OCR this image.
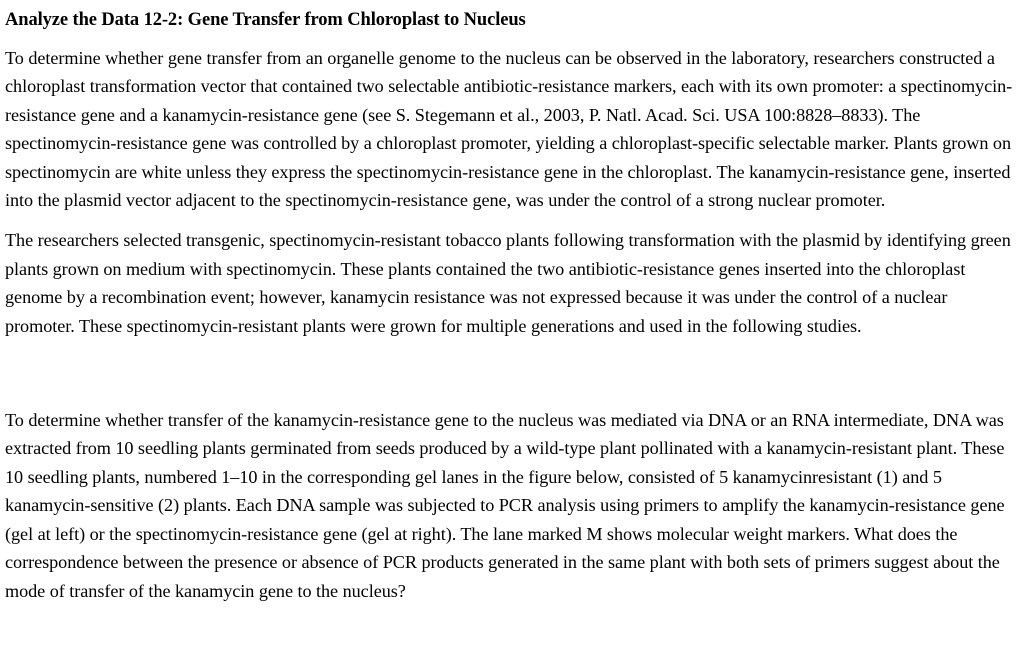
Analyze the Data 12-2: Gene Transfer from Chloroplast to Nucleus

To determine whether gene transfer from an organelle genome to the nucleus can be observed in the laboratory, researchers constructed a chloroplast transformation vector that contained two selectable antibiotic-resistance markers, each with its own promoter: a spectinomycin-resistance gene and a kanamycin-resistance gene (see S. Stegemann et al., 2003, P. Natl. Acad. Sci. USA 100:8828–8833). The spectinomycin-resistance gene was controlled by a chloroplast promoter, yielding a chloroplast-specific selectable marker. Plants grown on spectinomycin are white unless they express the spectinomycin-resistance gene in the chloroplast. The kanamycin-resistance gene, inserted into the plasmid vector adjacent to the spectinomycin-resistance gene, was under the control of a strong nuclear promoter.

The researchers selected transgenic, spectinomycin-resistant tobacco plants following transformation with the plasmid by identifying green plants grown on medium with spectinomycin. These plants contained the two antibiotic-resistance genes inserted into the chloroplast genome by a recombination event; however, kanamycin resistance was not expressed because it was under the control of a nuclear promoter. These spectinomycin-resistant plants were grown for multiple generations and used in the following studies.

To determine whether transfer of the kanamycin-resistance gene to the nucleus was mediated via DNA or an RNA intermediate, DNA was extracted from 10 seedling plants germinated from seeds produced by a wild-type plant pollinated with a kanamycin-resistant plant. These 10 seedling plants, numbered 1–10 in the corresponding gel lanes in the figure below, consisted of 5 kanamycinresistant (1) and 5 kanamycin-sensitive (2) plants. Each DNA sample was subjected to PCR analysis using primers to amplify the kanamycin-resistance gene (gel at left) or the spectinomycin-resistance gene (gel at right). The lane marked M shows molecular weight markers. What does the correspondence between the presence or absence of PCR products generated in the same plant with both sets of primers suggest about the mode of transfer of the kanamycin gene to the nucleus?
